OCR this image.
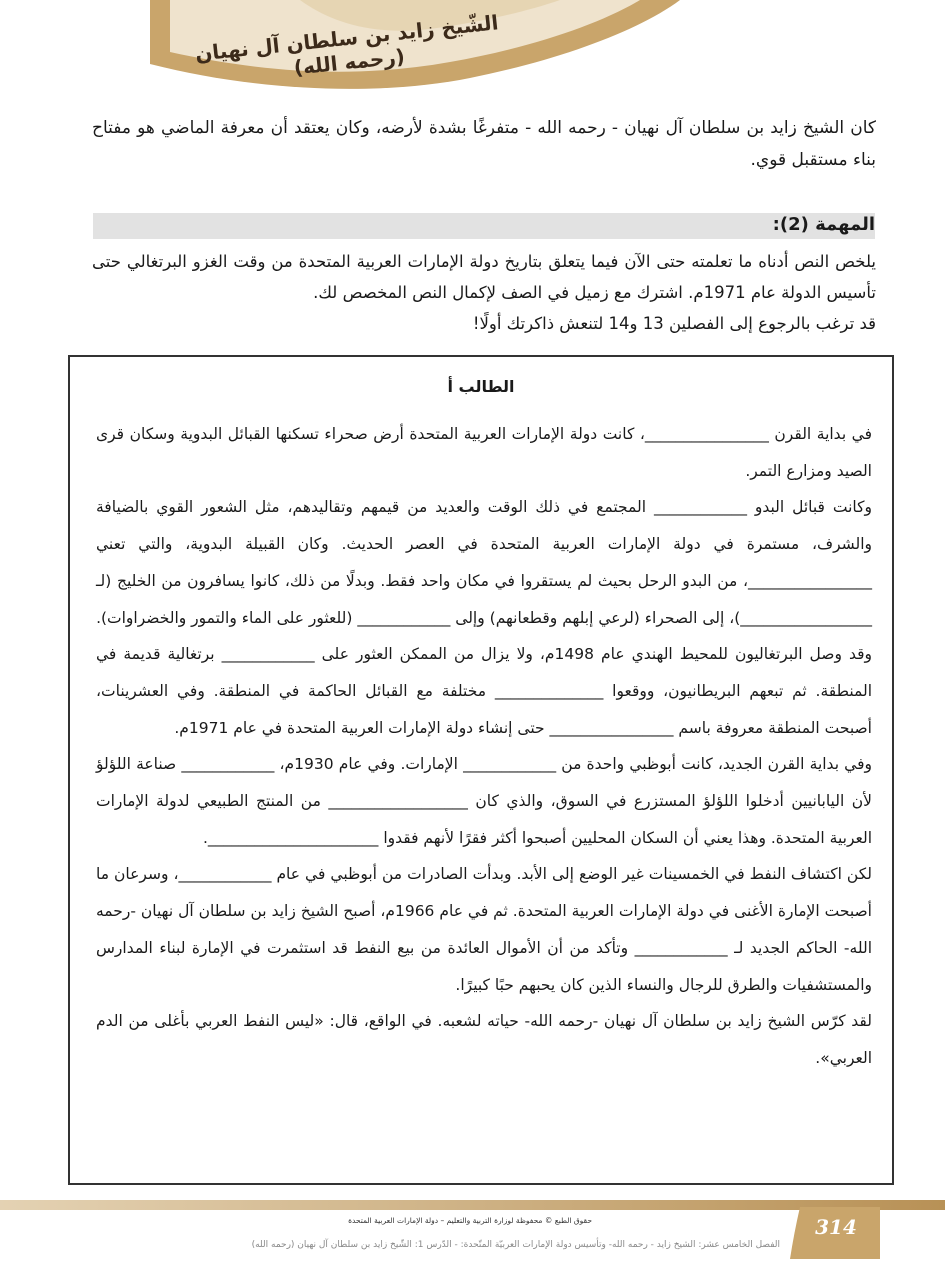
الشّيخ زايد بن سلطان آل نهيان (رحمه الله)
كان الشيخ زايد بن سلطان آل نهيان - رحمه الله - متفرغًا بشدة لأرضه، وكان يعتقد أن معرفة الماضي هو مفتاح بناء مستقبل قوي.
المهمة (2):

يلخص النص أدناه ما تعلمته حتى الآن فيما يتعلق بتاريخ دولة الإمارات العربية المتحدة من وقت الغزو البرتغالي حتى تأسيس الدولة عام 1971م. اشترك مع زميل في الصف لإكمال النص المخصص لك.

قد ترغب بالرجوع إلى الفصلين 13 و14 لتنعش ذاكرتك أولًا!

الطالب أ

في بداية القرن ________________، كانت دولة الإمارات العربية المتحدة أرض صحراء تسكنها القبائل البدوية وسكان قرى الصيد ومزارع التمر.

وكانت قبائل البدو ____________ المجتمع في ذلك الوقت والعديد من قيمهم وتقاليدهم، مثل الشعور القوي بالضيافة والشرف، مستمرة في دولة الإمارات العربية المتحدة في العصر الحديث. وكان القبيلة البدوية، والتي تعني ________________، من البدو الرحل بحيث لم يستقروا في مكان واحد فقط. وبدلًا من ذلك، كانوا يسافرون من الخليج (لـ _________________)، إلى الصحراء (لرعي إبلهم وقطعانهم) وإلى ____________ (للعثور على الماء والتمور والخضراوات).

وقد وصل البرتغاليون للمحيط الهندي عام 1498م، ولا يزال من الممكن العثور على ____________ برتغالية قديمة في المنطقة. ثم تبعهم البريطانيون، ووقعوا ______________ مختلفة مع القبائل الحاكمة في المنطقة. وفي العشرينات، أصبحت المنطقة معروفة باسم ________________ حتى إنشاء دولة الإمارات العربية المتحدة في عام 1971م.

وفي بداية القرن الجديد، كانت أبوظبي واحدة من ____________ الإمارات. وفي عام 1930م، ____________ صناعة اللؤلؤ لأن اليابانيين أدخلوا اللؤلؤ المستزرع في السوق، والذي كان __________________ من المنتج الطبيعي لدولة الإمارات العربية المتحدة. وهذا يعني أن السكان المحليين أصبحوا أكثر فقرًا لأنهم فقدوا ______________________.

لكن اكتشاف النفط في الخمسينات غير الوضع إلى الأبد. وبدأت الصادرات من أبوظبي في عام ____________، وسرعان ما أصبحت الإمارة الأغنى في دولة الإمارات العربية المتحدة. ثم في عام 1966م، أصبح الشيخ زايد بن سلطان آل نهيان -رحمه الله- الحاكم الجديد لـ ____________ وتأكد من أن الأموال العائدة من بيع النفط قد استثمرت في الإمارة لبناء المدارس والمستشفيات والطرق للرجال والنساء الذين كان يحبهم حبًا كبيرًا.

لقد كرّس الشيخ زايد بن سلطان آل نهيان -رحمه الله- حياته لشعبه. في الواقع، قال: «ليس النفط العربي بأغلى من الدم العربي».

314
حقوق الطبع © محفوظة لوزارة التربية والتعليم – دولة الإمارات العربية المتحدة
الفصل الخامس عشر: الشيخ زايد - رحمه الله- وتأسيس دولة الإمارات العربيّة المتّحدة: - الدّرس 1: الشّيخ زايد بن سلطان آل نهيان (رحمه الله)
